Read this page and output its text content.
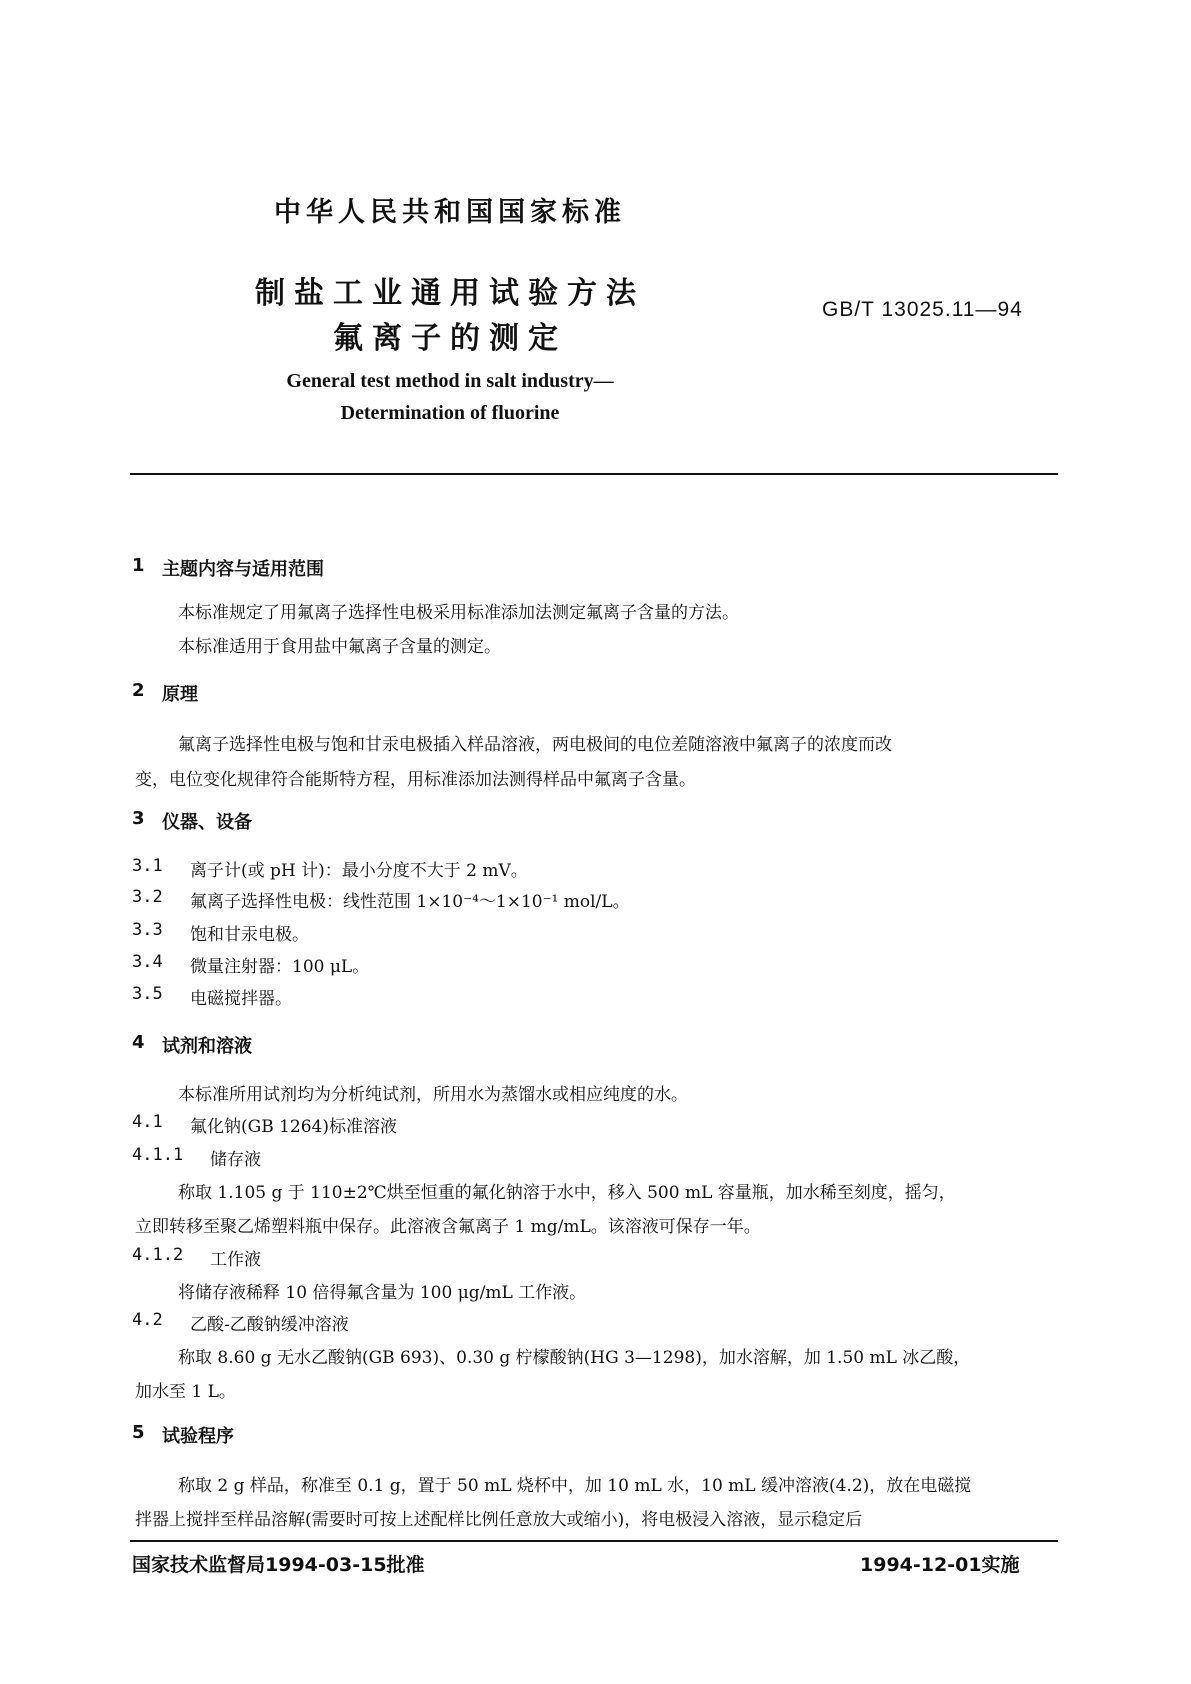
中华人民共和国国家标准
制盐工业通用试验方法
氟离子的测定
GB/T 13025.11—94
General test method in salt industry—
Determination of fluorine
1 主题内容与适用范围
本标准规定了用氟离子选择性电极采用标准添加法测定氟离子含量的方法。
本标准适用于食用盐中氟离子含量的测定。
2 原理
氟离子选择性电极与饱和甘汞电极插入样品溶液，两电极间的电位差随溶液中氟离子的浓度而改
变，电位变化规律符合能斯特方程，用标准添加法测得样品中氟离子含量。
3 仪器、设备
3.1 离子计(或 pH 计)：最小分度不大于 2 mV。
3.2 氟离子选择性电极：线性范围 1×10⁻⁴～1×10⁻¹ mol/L。
3.3 饱和甘汞电极。
3.4 微量注射器：100 μL。
3.5 电磁搅拌器。
4 试剂和溶液
本标准所用试剂均为分析纯试剂，所用水为蒸馏水或相应纯度的水。
4.1 氟化钠(GB 1264)标准溶液
4.1.1 储存液
称取 1.105 g 于 110±2℃烘至恒重的氟化钠溶于水中，移入 500 mL 容量瓶，加水稀至刻度，摇匀，
立即转移至聚乙烯塑料瓶中保存。此溶液含氟离子 1 mg/mL。该溶液可保存一年。
4.1.2 工作液
将储存液稀释 10 倍得氟含量为 100 μg/mL 工作液。
4.2 乙酸-乙酸钠缓冲溶液
称取 8.60 g 无水乙酸钠(GB 693)、0.30 g 柠檬酸钠(HG 3—1298)，加水溶解，加 1.50 mL 冰乙酸，
加水至 1 L。
5 试验程序
称取 2 g 样品，称准至 0.1 g，置于 50 mL 烧杯中，加 10 mL 水，10 mL 缓冲溶液(4.2)，放在电磁搅
拌器上搅拌至样品溶解(需要时可按上述配样比例任意放大或缩小)，将电极浸入溶液，显示稳定后
国家技术监督局1994-03-15批准	1994-12-01实施
